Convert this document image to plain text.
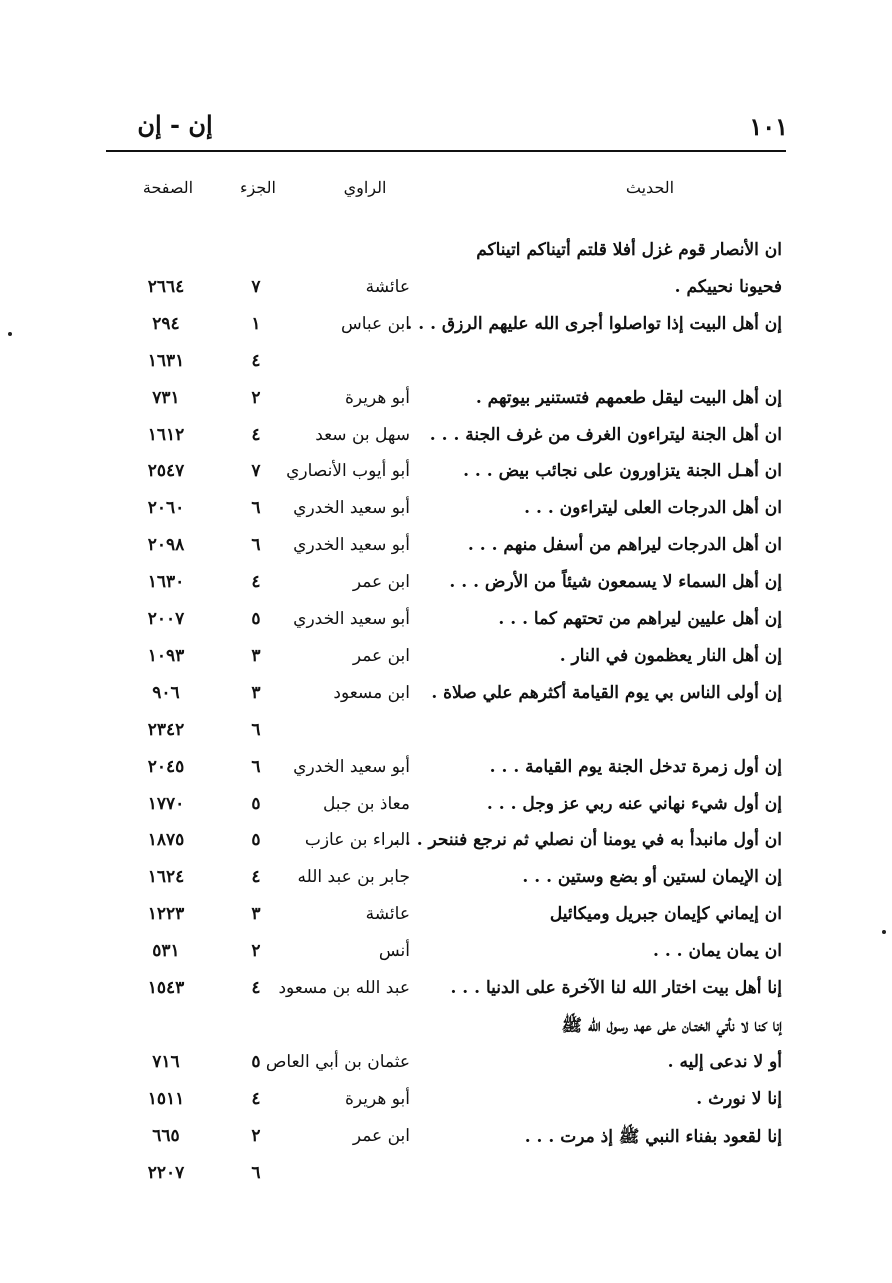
١٠١
إن - إن
الحديث
الراوي
الجزء
الصفحة
ان الأنصار قوم غزل أفلا قلتم أتيناكم اتيناكم
فحيونا نحييكم .
عائشة
٧
٢٦٦٤
إن أهل البيت إذا تواصلوا أجرى الله عليهم الرزق . . .
ابن عباس
١
٢٩٤
٤
١٦٣١
إن أهل البيت ليقل طعمهم فتستنير بيوتهم .
أبو هريرة
٢
٧٣١
ان أهل الجنة ليتراءون الغرف من غرف الجنة . . .
سهل بن سعد
٤
١٦١٢
ان أهـل الجنة يتزاورون على نجائب بيض . . .
أبو أيوب الأنصاري
٧
٢٥٤٧
ان أهل الدرجات العلى ليتراءون . . .
أبو سعيد الخدري
٦
٢٠٦٠
ان أهل الدرجات ليراهم من أسفل منهم . . .
أبو سعيد الخدري
٦
٢٠٩٨
إن أهل السماء لا يسمعون شيئاً من الأرض . . .
ابن عمر
٤
١٦٣٠
إن أهل عليين ليراهم من تحتهم كما . . .
أبو سعيد الخدري
٥
٢٠٠٧
إن أهل النار يعظمون في النار .
ابن عمر
٣
١٠٩٣
إن أولى الناس بي يوم القيامة أكثرهم علي صلاة .
ابن مسعود
٣
٩٠٦
٦
٢٣٤٢
إن أول زمرة تدخل الجنة يوم القيامة . . .
أبو سعيد الخدري
٦
٢٠٤٥
إن أول شيء نهاني عنه ربي عز وجل . . .
معاذ بن جبل
٥
١٧٧٠
ان أول مانبدأ به في يومنا أن نصلي ثم نرجع فننحر . . .
البراء بن عازب
٥
١٨٧٥
إن الإيمان لستين أو بضع وستين . . .
جابر بن عبد الله
٤
١٦٢٤
ان إيماني كإيمان جبريل وميكائيل
عائشة
٣
١٢٢٣
ان يمان يمان . . .
أنس
٢
٥٣١
إنا أهل بيت اختار الله لنا الآخرة على الدنيا . . .
عبد الله بن مسعود
٤
١٥٤٣
إنا كنا لا نأتي الختـان على عهد رسول الله ﷺ
أو لا ندعى إليه .
عثمان بن أبي العاص
٥
٧١٦
إنا لا نورث .
أبو هريرة
٤
١٥١١
إنا لقعود بفناء النبي ﷺ إذ مرت . . .
ابن عمر
٢
٦٦٥
٦
٢٢٠٧
